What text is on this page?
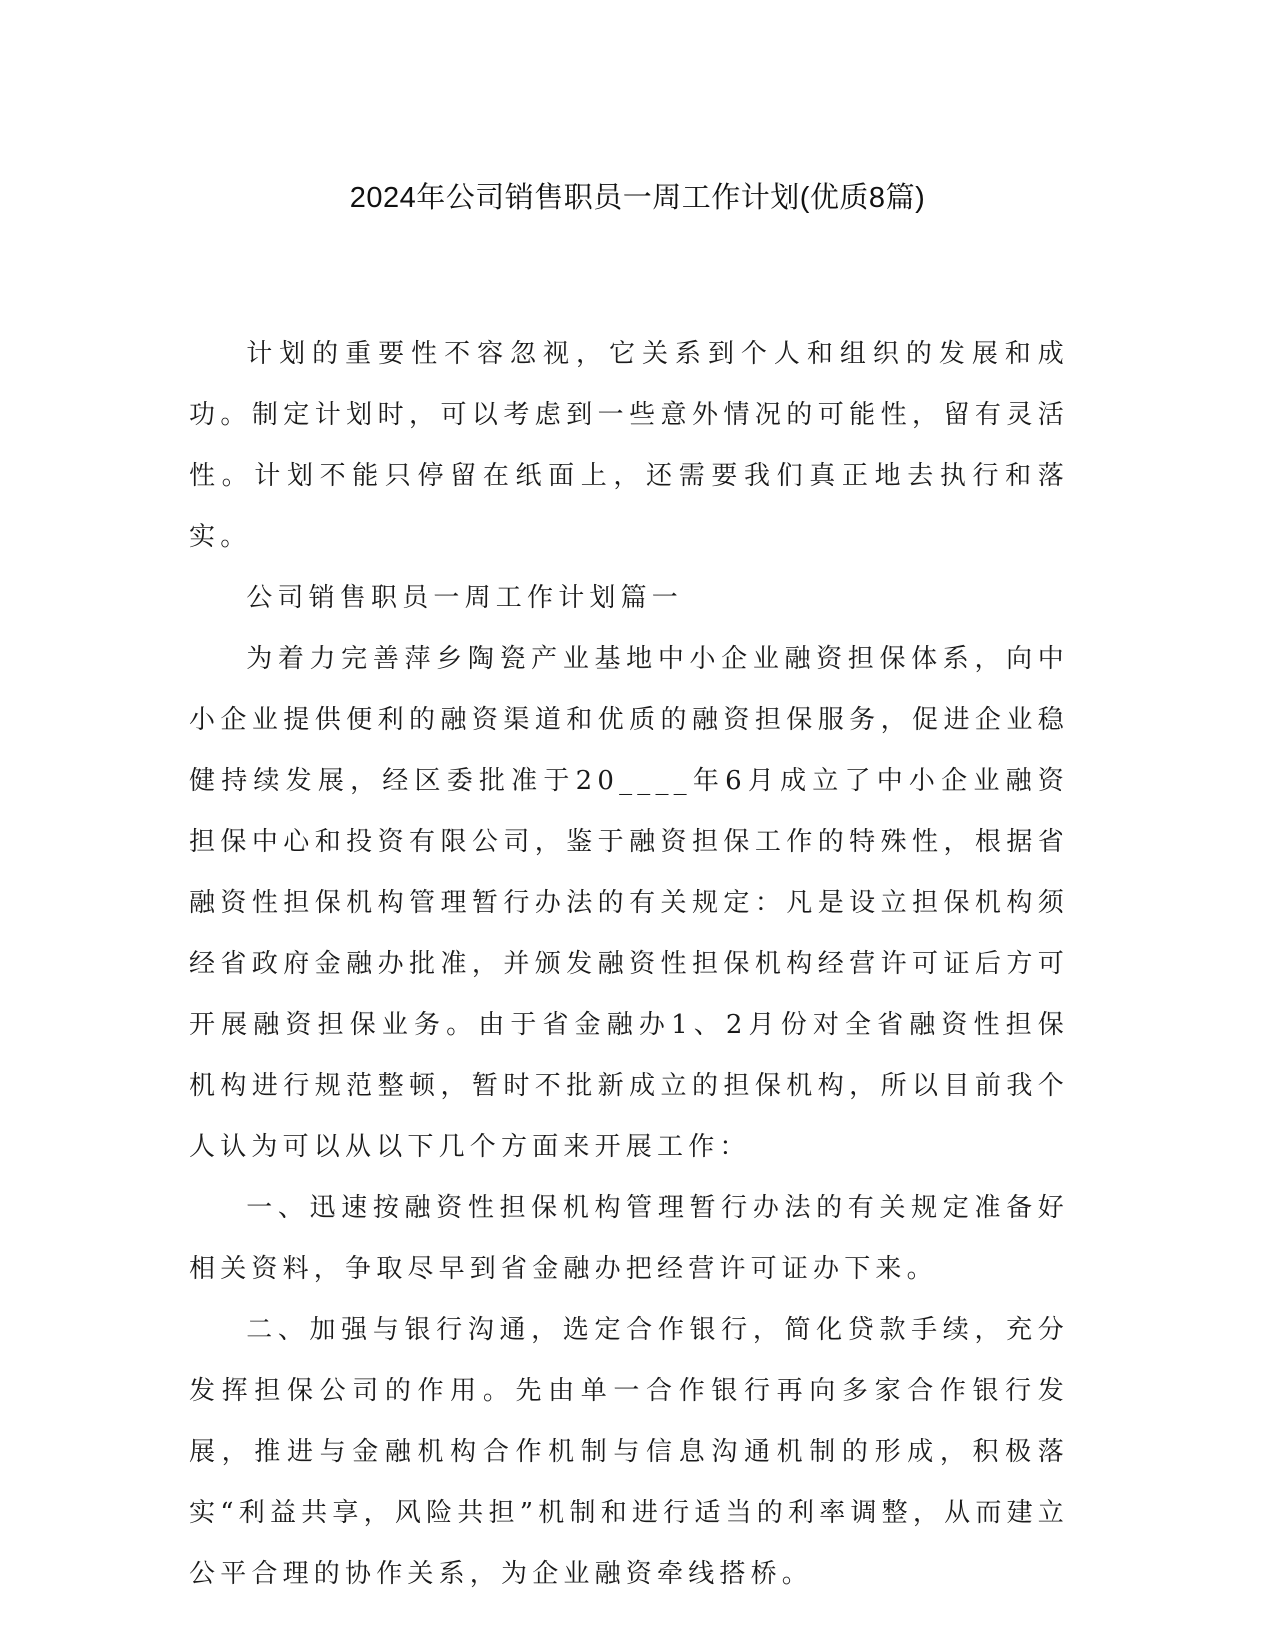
2024年公司销售职员一周工作计划(优质8篇)

计划的重要性不容忽视，它关系到个人和组织的发展和成功。制定计划时，可以考虑到一些意外情况的可能性，留有灵活性。计划不能只停留在纸面上，还需要我们真正地去执行和落实。

公司销售职员一周工作计划篇一

为着力完善萍乡陶瓷产业基地中小企业融资担保体系，向中小企业提供便利的融资渠道和优质的融资担保服务，促进企业稳健持续发展，经区委批准于20____年6月成立了中小企业融资担保中心和投资有限公司，鉴于融资担保工作的特殊性，根据省融资性担保机构管理暂行办法的有关规定：凡是设立担保机构须经省政府金融办批准，并颁发融资性担保机构经营许可证后方可开展融资担保业务。由于省金融办1、2月份对全省融资性担保机构进行规范整顿，暂时不批新成立的担保机构，所以目前我个人认为可以从以下几个方面来开展工作：

一、迅速按融资性担保机构管理暂行办法的有关规定准备好相关资料，争取尽早到省金融办把经营许可证办下来。

二、加强与银行沟通，选定合作银行，简化贷款手续，充分发挥担保公司的作用。先由单一合作银行再向多家合作银行发展，推进与金融机构合作机制与信息沟通机制的形成，积极落实“利益共享，风险共担”机制和进行适当的利率调整，从而建立公平合理的协作关系，为企业融资牵线搭桥。
